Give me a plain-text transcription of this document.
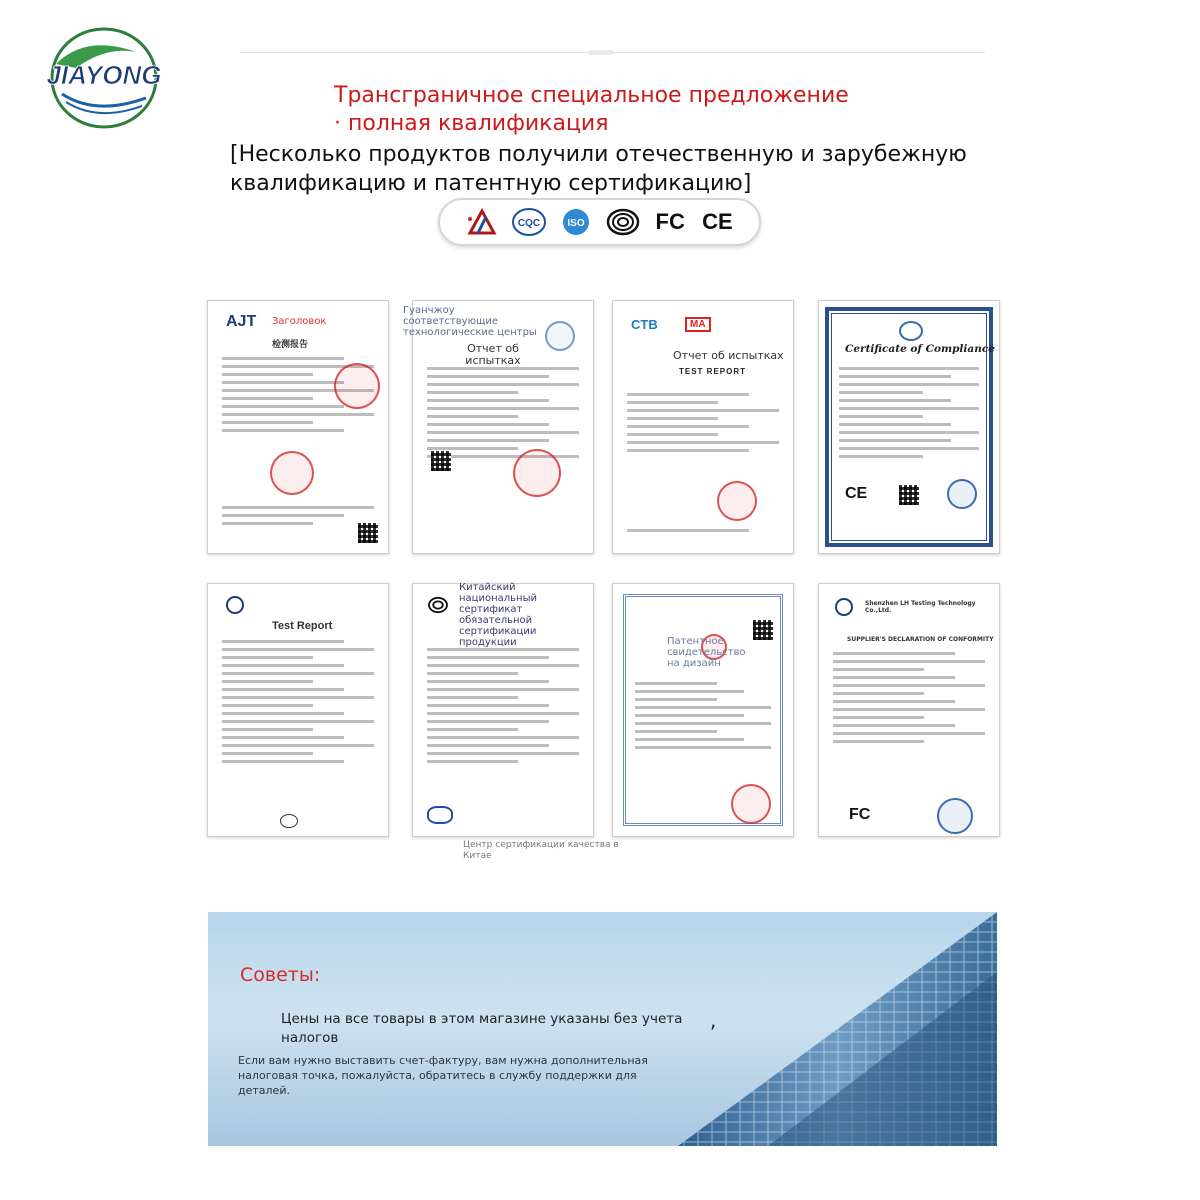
JIAYONG
Трансграничное специальное предложение
· полная квалификация
[Несколько продуктов получили отечественную и зарубежную квалификацию и патентную сертификацию]
CQC	ISO	FC CE
AJT Заголовок
检测报告
Гуанчжоу соответствующие технологические центры
Отчет об испытках
CTB	MA
Отчет об испытках
TEST REPORT
Certificate of Compliance
CE
Test Report
Китайский национальный сертификат обязательной сертификации продукции
Центр сертификации качества в Китае
Патентное свидетельство на дизайн
Shenzhen LH Testing Technology Co.,Ltd.
SUPPLIER'S DECLARATION OF CONFORMITY
FC
Советы:
Цены на все товары в этом магазине указаны без учета налогов
,
Если вам нужно выставить счет-фактуру, вам нужна дополнительная налоговая точка, пожалуйста, обратитесь в службу поддержки для деталей.
